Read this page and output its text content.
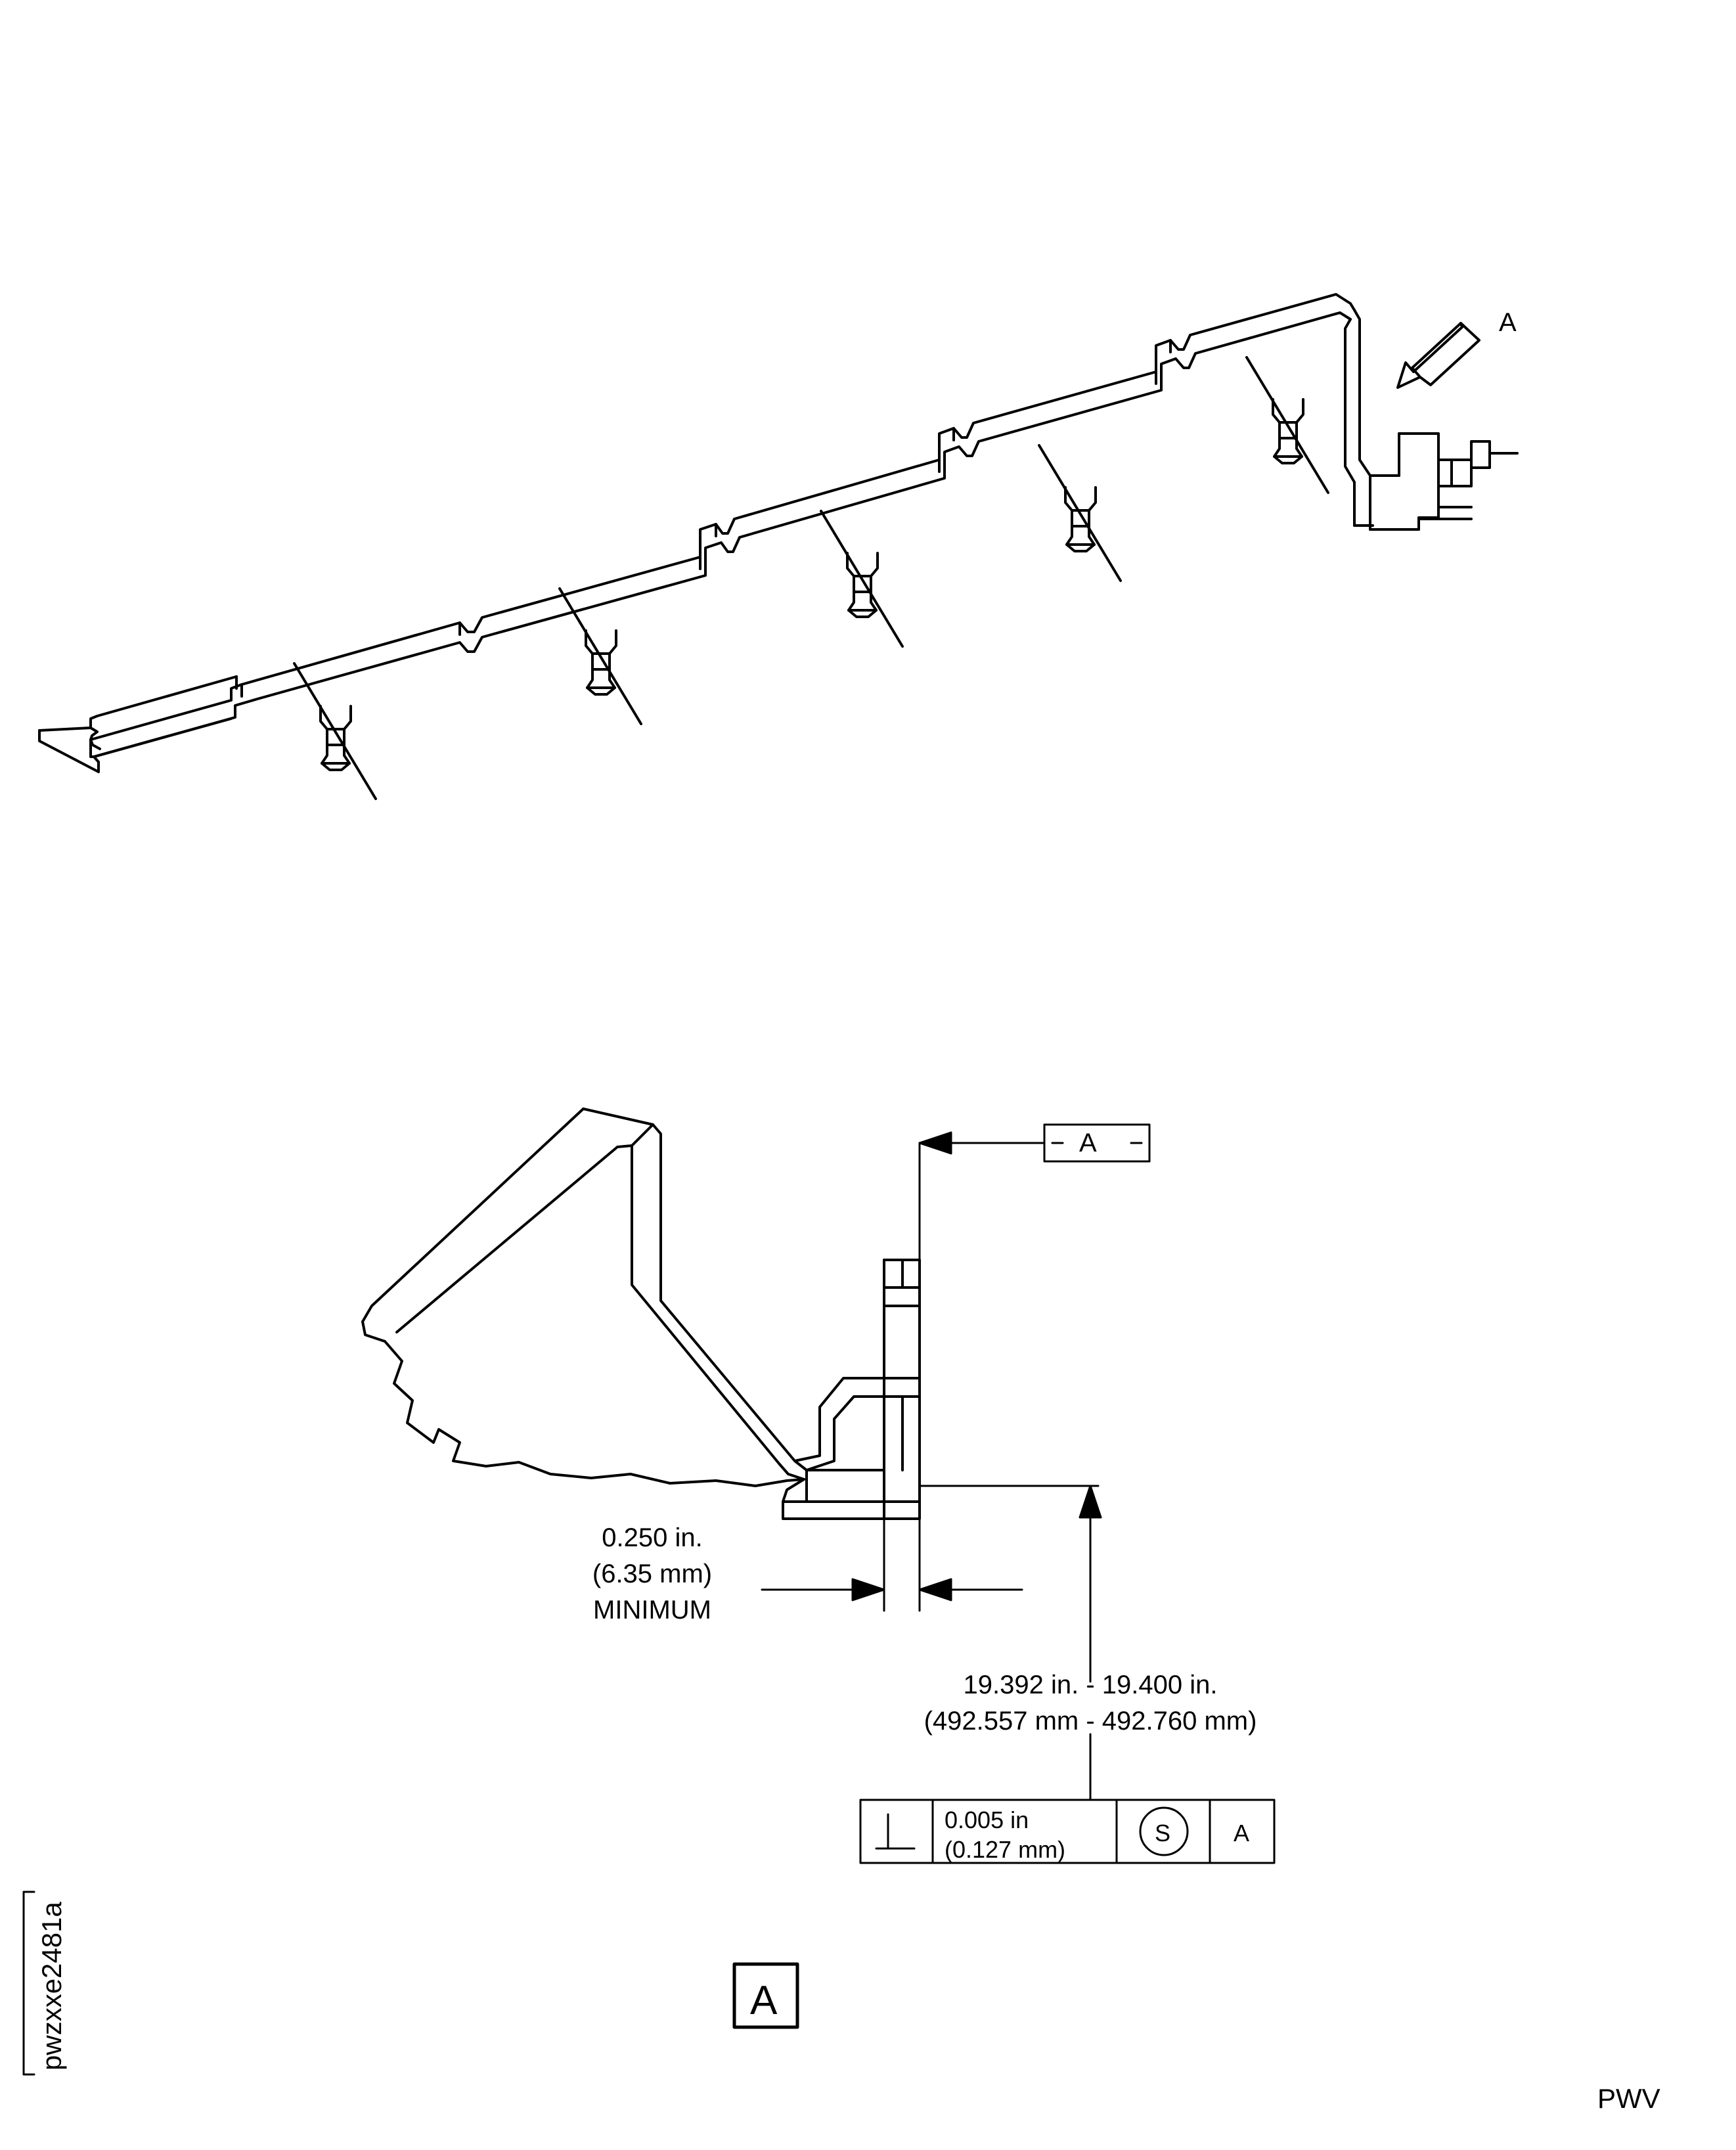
A
A
0.250 in.
(6.35 mm)
MINIMUM
19.392 in. - 19.400 in.
(492.557 mm - 492.760 mm)
0.005 in
(0.127 mm)
S	A
A
pwzxxe2481a
PWV
